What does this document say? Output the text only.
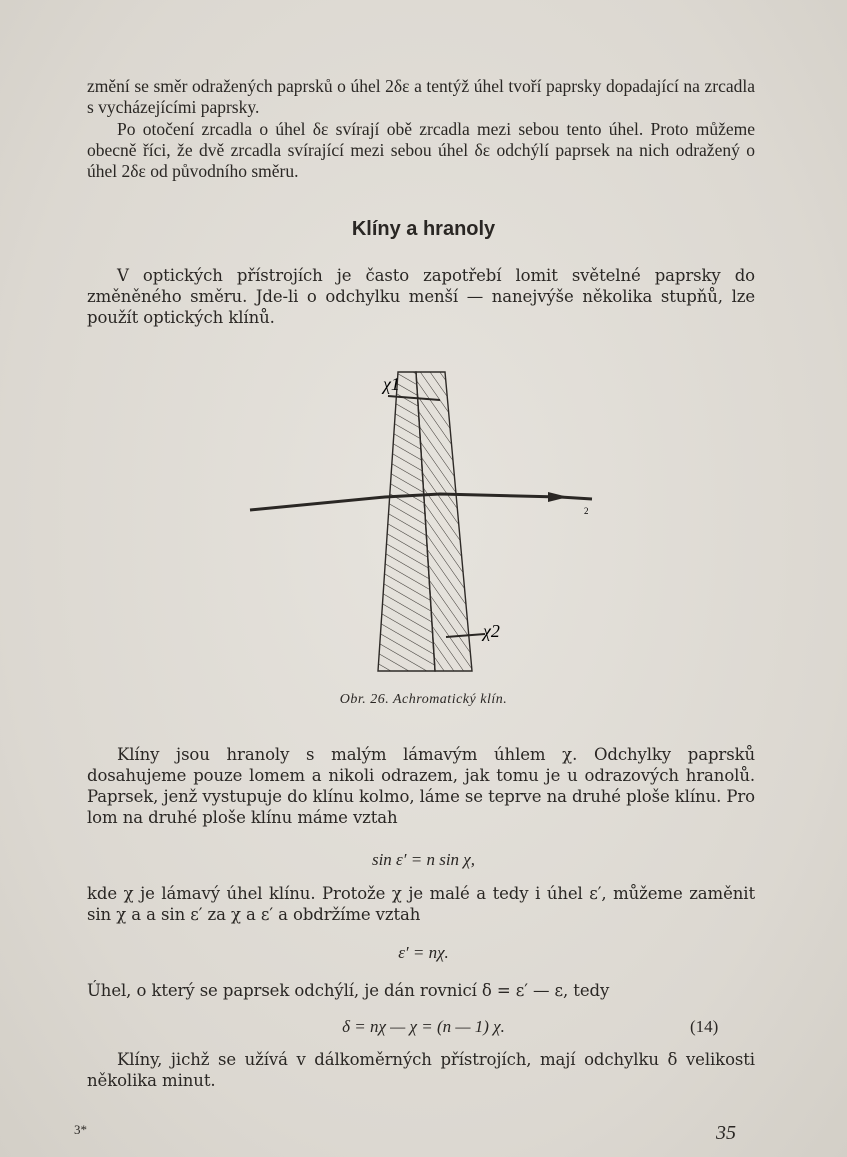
změní se směr odražených paprsků o úhel 2δε a tentýž úhel tvoří paprsky dopadající na zrcadla s vycházejícími paprsky.

Po otočení zrcadla o úhel δε svírají obě zrcadla mezi sebou tento úhel. Proto můžeme obecně říci, že dvě zrcadla svírající mezi sebou úhel δε odchýlí paprsek na nich odražený o úhel 2δε od původního směru.

Klíny a hranoly

V optických přístrojích je často zapotřebí lomit světelné paprsky do změněného směru. Jde-li o odchylku menší — nanejvýše několika stupňů, lze použít optických klínů.

χ1
χ2
2
Obr. 26. Achromatický klín.

Klíny jsou hranoly s malým lámavým úhlem χ. Odchylky paprsků dosahujeme pouze lomem a nikoli odrazem, jak tomu je u odrazových hranolů. Paprsek, jenž vystupuje do klínu kolmo, láme se teprve na druhé ploše klínu. Pro lom na druhé ploše klínu máme vztah

sin ε′ = n sin χ,

kde χ je lámavý úhel klínu. Protože χ je malé a tedy i úhel ε′, můžeme zaměnit sin χ a a sin ε′ za χ a ε′ a obdržíme vztah

ε′ = nχ.

Úhel, o který se paprsek odchýlí, je dán rovnicí δ = ε′ — ε, tedy

δ = nχ — χ = (n — 1) χ.	(14)

Klíny, jichž se užívá v dálkoměrných přístrojích, mají odchylku δ velikosti několika minut.

3*	35
